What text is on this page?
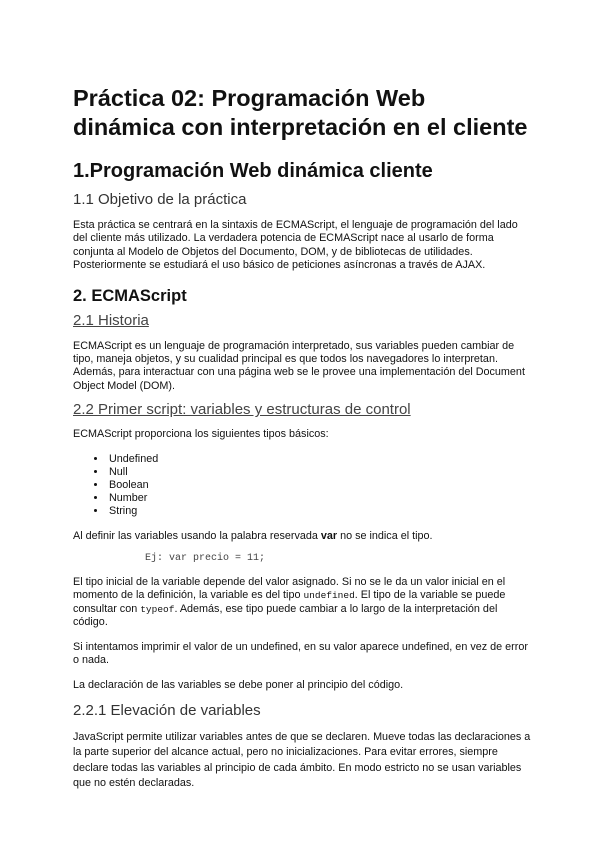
Práctica 02: Programación Web dinámica con interpretación en el cliente
1.Programación Web dinámica cliente
1.1 Objetivo de la práctica

Esta práctica se centrará en la sintaxis de ECMAScript, el lenguaje de programación del lado del cliente más utilizado. La verdadera potencia de ECMAScript nace al usarlo de forma conjunta al Modelo de Objetos del Documento, DOM, y de bibliotecas de utilidades. Posteriormente se estudiará el uso básico de peticiones asíncronas a través de AJAX.

2. ECMAScript
2.1 Historia

ECMAScript es un lenguaje de programación interpretado, sus variables pueden cambiar de tipo, maneja objetos, y su cualidad principal es que todos los navegadores lo interpretan. Además, para interactuar con una página web se le provee una implementación del Document Object Model (DOM).

2.2 Primer script: variables y estructuras de control

ECMAScript proporciona los siguientes tipos básicos:

• Undefined
• Null
• Boolean
• Number
• String

Al definir las variables usando la palabra reservada var no se indica el tipo.

Ej: var precio = 11;

El tipo inicial de la variable depende del valor asignado. Si no se le da un valor inicial en el momento de la definición, la variable es del tipo undefined. El tipo de la variable se puede consultar con typeof. Además, ese tipo puede cambiar a lo largo de la interpretación del código.

Si intentamos imprimir el valor de un undefined, en su valor aparece undefined, en vez de error o nada.

La declaración de las variables se debe poner al principio del código.

2.2.1 Elevación de variables

JavaScript permite utilizar variables antes de que se declaren. Mueve todas las declaraciones a la parte superior del alcance actual, pero no inicializaciones. Para evitar errores, siempre declare todas las variables al principio de cada ámbito. En modo estricto no se usan variables que no estén declaradas.
